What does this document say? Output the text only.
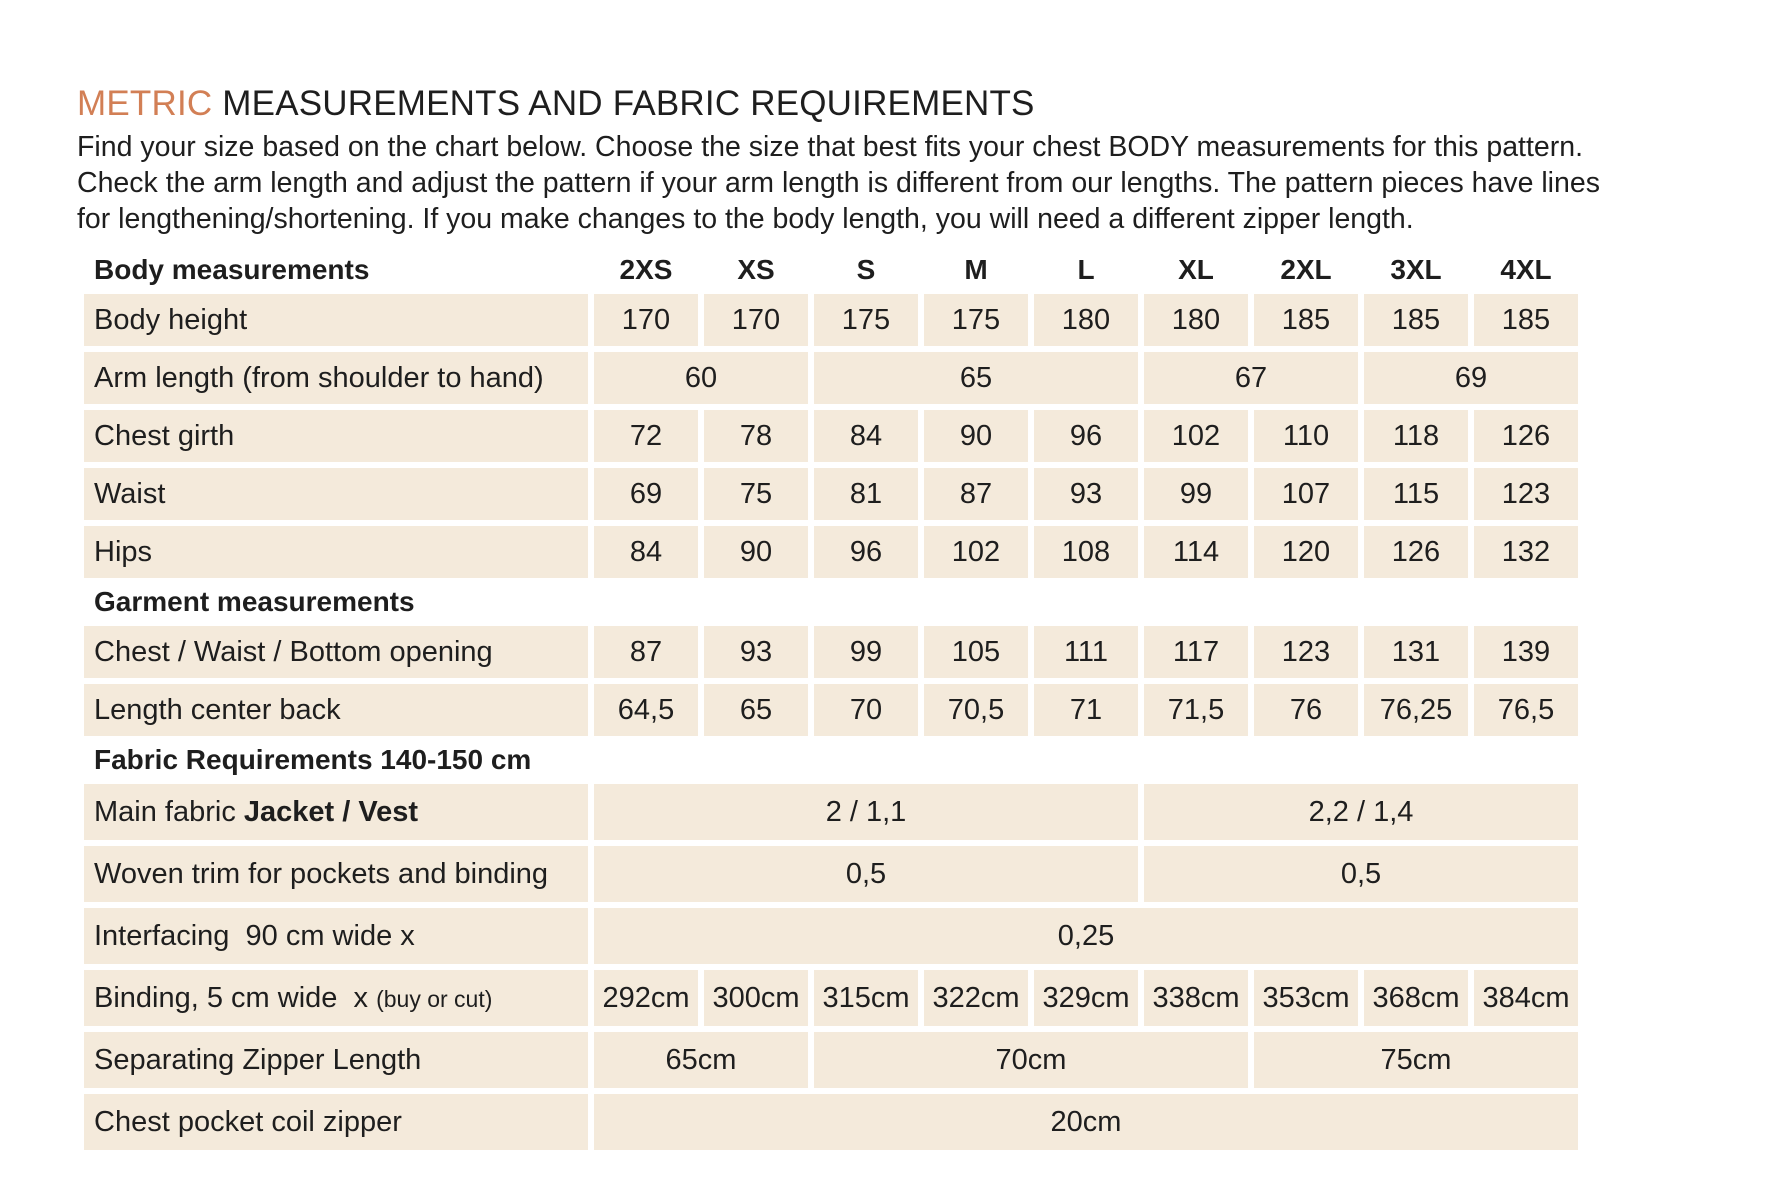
METRIC MEASUREMENTS AND FABRIC REQUIREMENTS
Find your size based on the chart below. Choose the size that best fits your chest BODY measurements for this pattern.
Check the arm length and adjust the pattern if your arm length is different from our lengths. The pattern pieces have lines
for lengthening/shortening. If you make changes to the body length, you will need a different zipper length.
Body measurements	2XS	XS	S	M	L	XL	2XL	3XL	4XL
Body height	170	170	175	175	180	180	185	185	185
Arm length (from shoulder to hand)	60		65			67		69	
Chest girth	72	78	84	90	96	102	110	118	126
Waist	69	75	81	87	93	99	107	115	123
Hips	84	90	96	102	108	114	120	126	132
Garment measurements									
Chest / Waist / Bottom opening	87	93	99	105	111	117	123	131	139
Length center back	64,5	65	70	70,5	71	71,5	76	76,25	76,5
Fabric Requirements 140-150 cm									
Main fabric Jacket / Vest	2 / 1,1					2,2 / 1,4			
Woven trim for pockets and binding	0,5					0,5			
Interfacing  90 cm wide x	0,25								
Binding, 5 cm wide  x (buy or cut)	292cm	300cm	315cm	322cm	329cm	338cm	353cm	368cm	384cm
Separating Zipper Length	65cm		70cm				75cm		
Chest pocket coil zipper	20cm								
